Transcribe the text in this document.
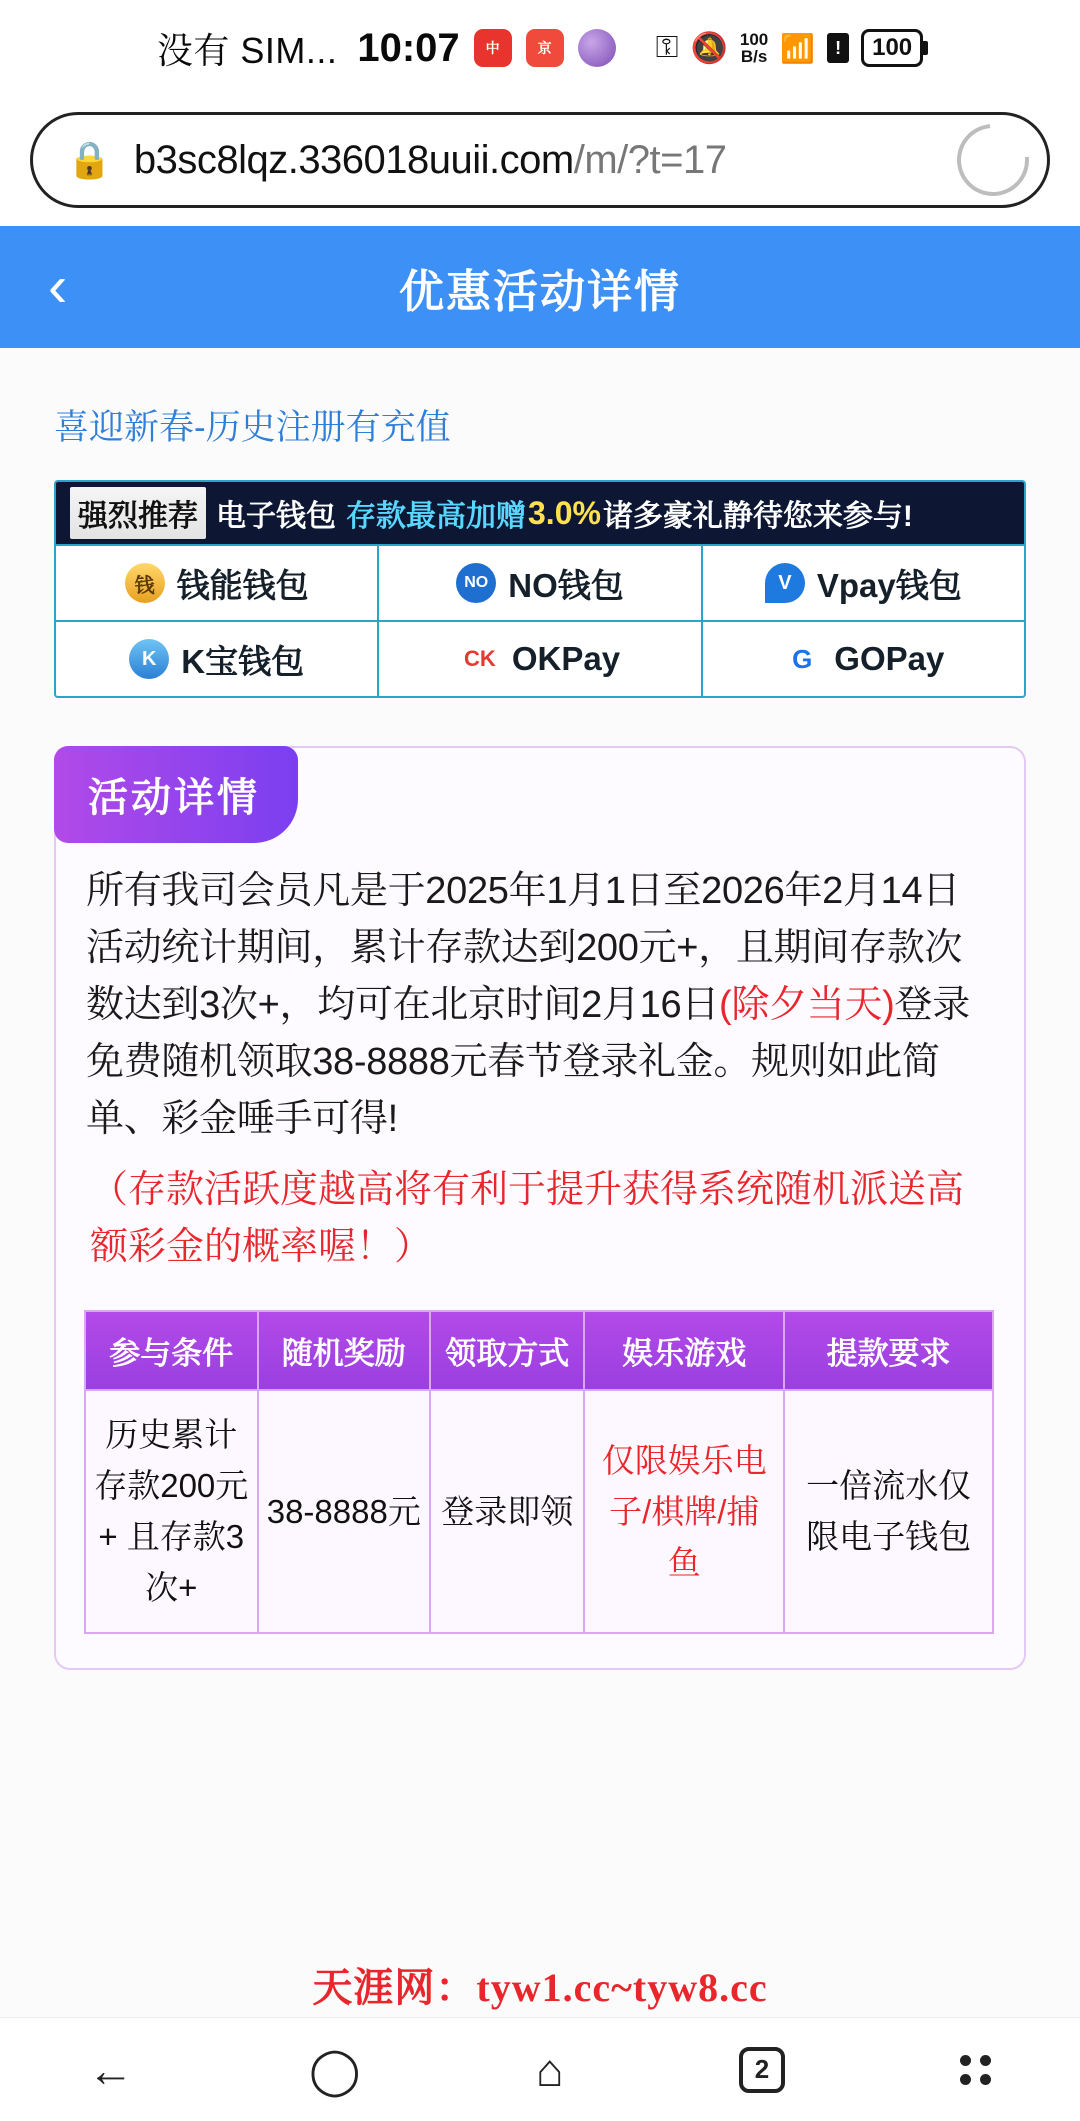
没有 SIM... 10:07	中	京	⚿ 🔕 100
B/s 📶	!	100
🔒 b3sc8lqz.336018uuii.com/m/?t=17
‹	优惠活动详情
喜迎新春-历史注册有充值
强烈推荐 电子钱包 存款最高加赠 3.0% 诸多豪礼静待您来参与!
钱 钱能钱包	NO NO钱包	V Vpay钱包
K K宝钱包	CK OKPay	G GOPay
活动详情
所有我司会员凡是于2025年1月1日至2026年2月14日活动统计期间，累计存款达到200元+，且期间存款次数达到3次+，均可在北京时间2月16日(除夕当天)登录免费随机领取38-8888元春节登录礼金。规则如此简单、彩金唾手可得!
（存款活跃度越高将有利于提升获得系统随机派送高额彩金的概率喔！）
参与条件	随机奖励	领取方式	娱乐游戏	提款要求
历史累计存款200元+ 且存款3次+	38-8888元	登录即领	仅限娱乐电子/棋牌/捕鱼	一倍流水仅限电子钱包
天涯网：tyw1.cc~tyw8.cc
←	◯	⌂	2
